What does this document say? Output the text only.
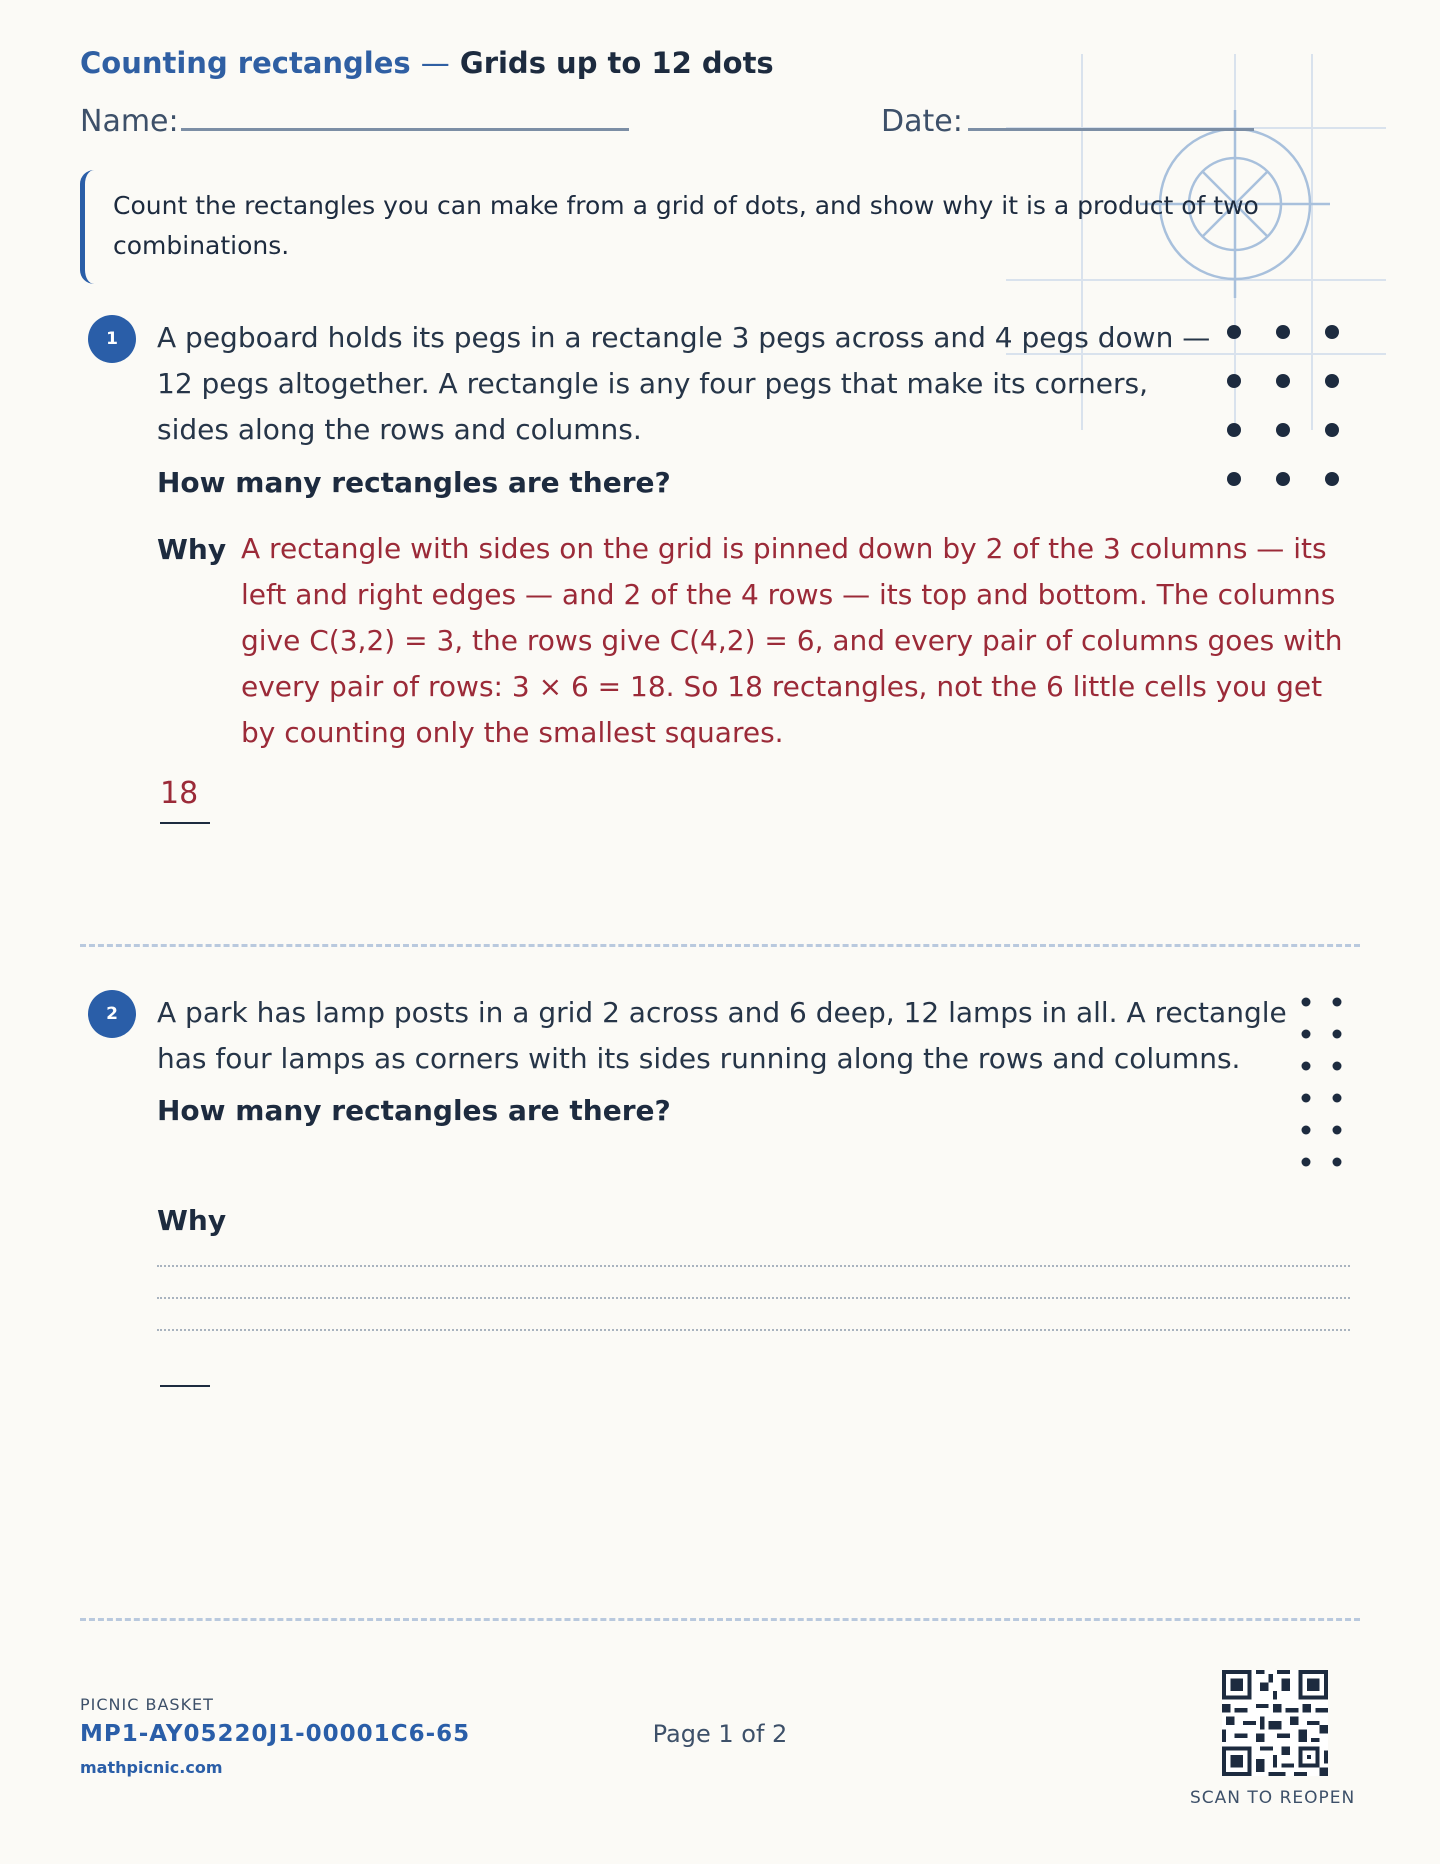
Counting rectangles — Grids up to 12 dots
Name:	Date:
Count the rectangles you can make from a grid of dots, and show why it is a product of two combinations.
1	A pegboard holds its pegs in a rectangle 3 pegs across and 4 pegs down —
12 pegs altogether. A rectangle is any four pegs that make its corners,
sides along the rows and columns.
How many rectangles are there?
Why A rectangle with sides on the grid is pinned down by 2 of the 3 columns — its left and right edges — and 2 of the 4 rows — its top and bottom. The columns give C(3,2) = 3, the rows give C(4,2) = 6, and every pair of columns goes with every pair of rows: 3 × 6 = 18. So 18 rectangles, not the 6 little cells you get by counting only the smallest squares.
18
2	A park has lamp posts in a grid 2 across and 6 deep, 12 lamps in all. A rectangle
has four lamps as corners with its sides running along the rows and columns.
How many rectangles are there?
Why
PICNIC BASKET
MP1-AY05220J1-00001C6-65
mathpicnic.com
Page 1 of 2
SCAN TO REOPEN
